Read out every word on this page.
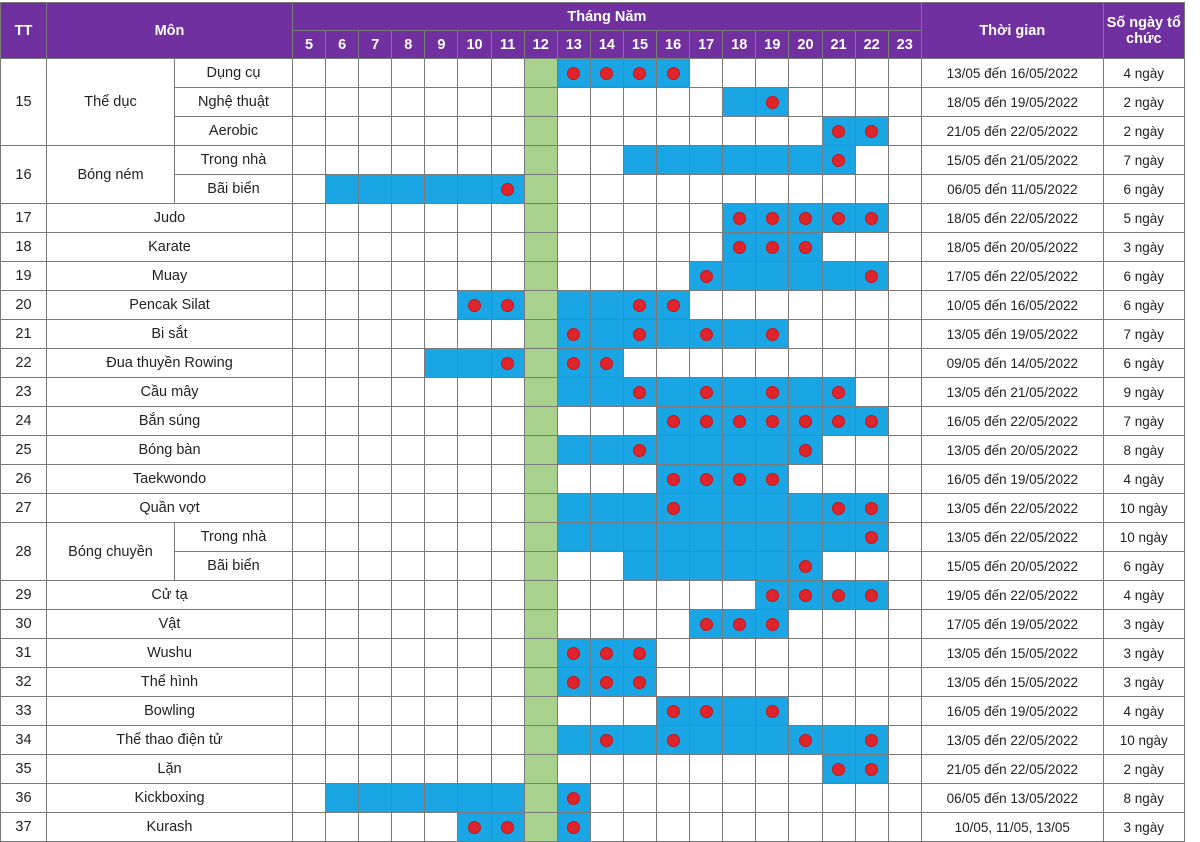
TT	Môn		Tháng Năm																			Thời gian	Số ngày tổ chức
			5	6	7	8	9	10	11	12	13	14	15	16	17	18	19	20	21	22	23		
15	Thể dục	Dụng cụ																				13/05 đến 16/05/2022	4 ngày
		Nghệ thuật																				18/05 đến 19/05/2022	2 ngày
		Aerobic																				21/05 đến 22/05/2022	2 ngày
16	Bóng ném	Trong nhà																				15/05 đến 21/05/2022	7 ngày
		Bãi biển																				06/05 đến 11/05/2022	6 ngày
17	Judo																					18/05 đến 22/05/2022	5 ngày
18	Karate																					18/05 đến 20/05/2022	3 ngày
19	Muay																					17/05 đến 22/05/2022	6 ngày
20	Pencak Silat																					10/05 đến 16/05/2022	6 ngày
21	Bi sắt																					13/05 đến 19/05/2022	7 ngày
22	Đua thuyền Rowing																					09/05 đến 14/05/2022	6 ngày
23	Cầu mây																					13/05 đến 21/05/2022	9 ngày
24	Bắn súng																					16/05 đến 22/05/2022	7 ngày
25	Bóng bàn																					13/05 đến 20/05/2022	8 ngày
26	Taekwondo																					16/05 đến 19/05/2022	4 ngày
27	Quần vợt																					13/05 đến 22/05/2022	10 ngày
28	Bóng chuyền	Trong nhà																				13/05 đến 22/05/2022	10 ngày
		Bãi biển																				15/05 đến 20/05/2022	6 ngày
29	Cử tạ																					19/05 đến 22/05/2022	4 ngày
30	Vật																					17/05 đến 19/05/2022	3 ngày
31	Wushu																					13/05 đến 15/05/2022	3 ngày
32	Thể hình																					13/05 đến 15/05/2022	3 ngày
33	Bowling																					16/05 đến 19/05/2022	4 ngày
34	Thể thao điện tử																					13/05 đến 22/05/2022	10 ngày
35	Lặn																					21/05 đến 22/05/2022	2 ngày
36	Kickboxing																					06/05 đến 13/05/2022	8 ngày
37	Kurash																					10/05, 11/05, 13/05	3 ngày
